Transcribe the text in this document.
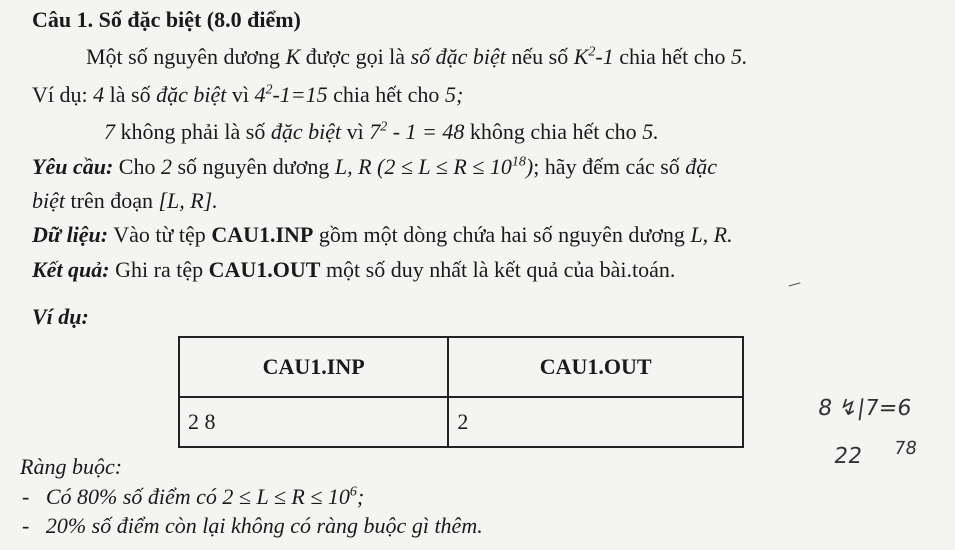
Câu 1. Số đặc biệt (8.0 điểm)
Một số nguyên dương K được gọi là số đặc biệt nếu số $K^2-1$ chia hết cho 5.
Ví dụ: 4 là số đặc biệt vì $4^2-1=15$ chia hết cho 5;
7 không phải là số đặc biệt vì $7^2 - 1 = 48$ không chia hết cho 5.
Yêu cầu: Cho 2 số nguyên dương L, R $(2 \le L \le R \le 10^{18})$; hãy đếm các số đặc
biệt trên đoạn [L, R].
Dữ liệu: Vào từ tệp CAU1.INP gồm một dòng chứa hai số nguyên dương L, R.
Kết quả: Ghi ra tệp CAU1.OUT một số duy nhất là kết quả của bài.toán.
Ví dụ:
CAU1.INP	CAU1.OUT
2 8	2
8 ↯|7=6
22 78
Ràng buộc:
- Có 80% số điểm có $2 \le L \le R \le 10^6$;
- 20% số điểm còn lại không có ràng buộc gì thêm.
